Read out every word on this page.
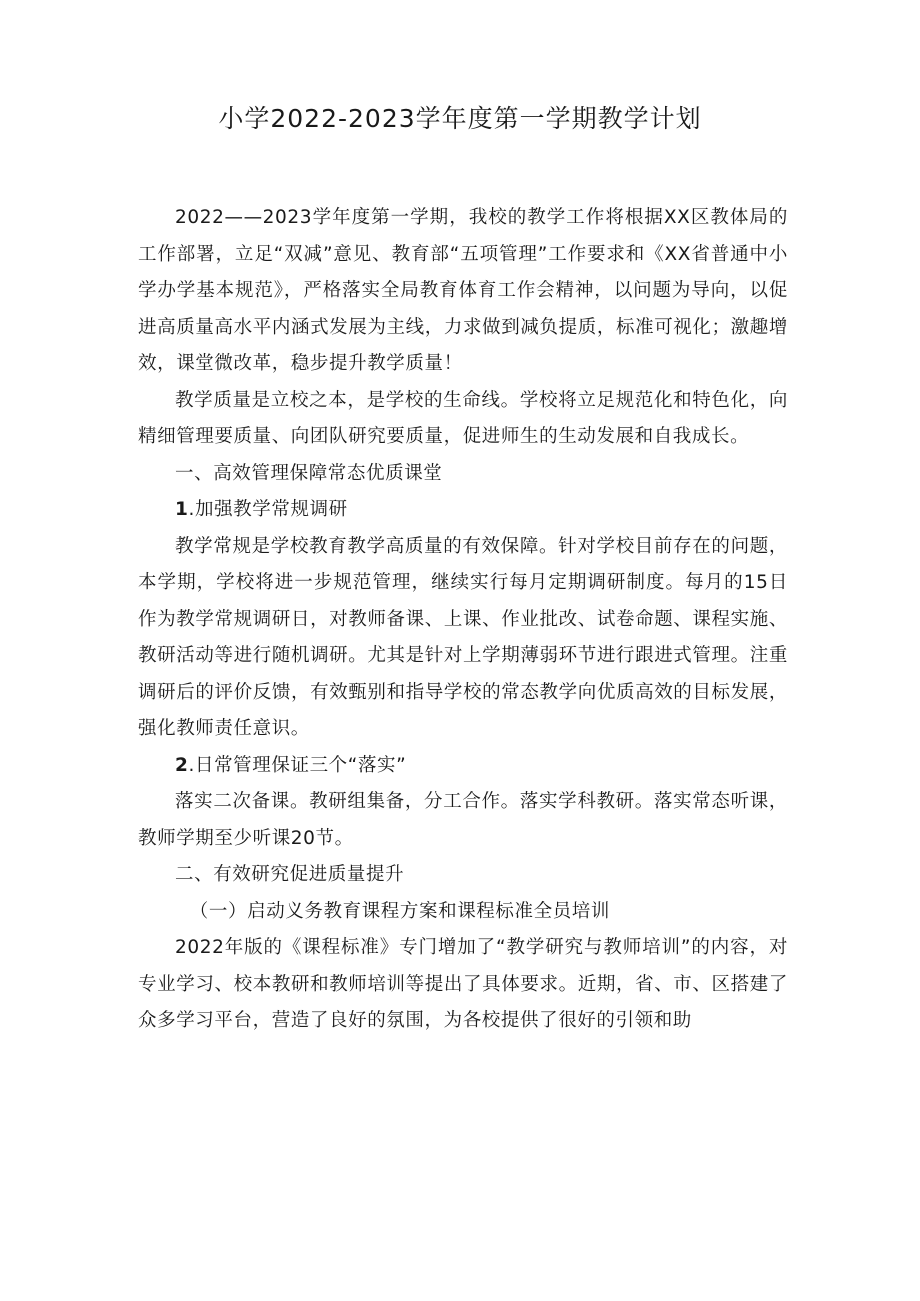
小学2022-2023学年度第一学期教学计划

2022——2023学年度第一学期，我校的教学工作将根据XX区教体局的工作部署，立足“双减”意见、教育部“五项管理”工作要求和《XX省普通中小学办学基本规范》，严格落实全局教育体育工作会精神，以问题为导向，以促进高质量高水平内涵式发展为主线，力求做到减负提质，标准可视化；激趣增效，课堂微改革，稳步提升教学质量！

教学质量是立校之本，是学校的生命线。学校将立足规范化和特色化，向精细管理要质量、向团队研究要质量，促进师生的生动发展和自我成长。

一、高效管理保障常态优质课堂

1.加强教学常规调研

教学常规是学校教育教学高质量的有效保障。针对学校目前存在的问题，本学期，学校将进一步规范管理，继续实行每月定期调研制度。每月的15日作为教学常规调研日，对教师备课、上课、作业批改、试卷命题、课程实施、教研活动等进行随机调研。尤其是针对上学期薄弱环节进行跟进式管理。注重调研后的评价反馈，有效甄别和指导学校的常态教学向优质高效的目标发展，强化教师责任意识。

2.日常管理保证三个“落实”

落实二次备课。教研组集备，分工合作。落实学科教研。落实常态听课，教师学期至少听课20节。

二、有效研究促进质量提升

（一）启动义务教育课程方案和课程标准全员培训

2022年版的《课程标准》专门增加了“教学研究与教师培训”的内容，对专业学习、校本教研和教师培训等提出了具体要求。近期，省、市、区搭建了众多学习平台，营造了良好的氛围，为各校提供了很好的引领和助
